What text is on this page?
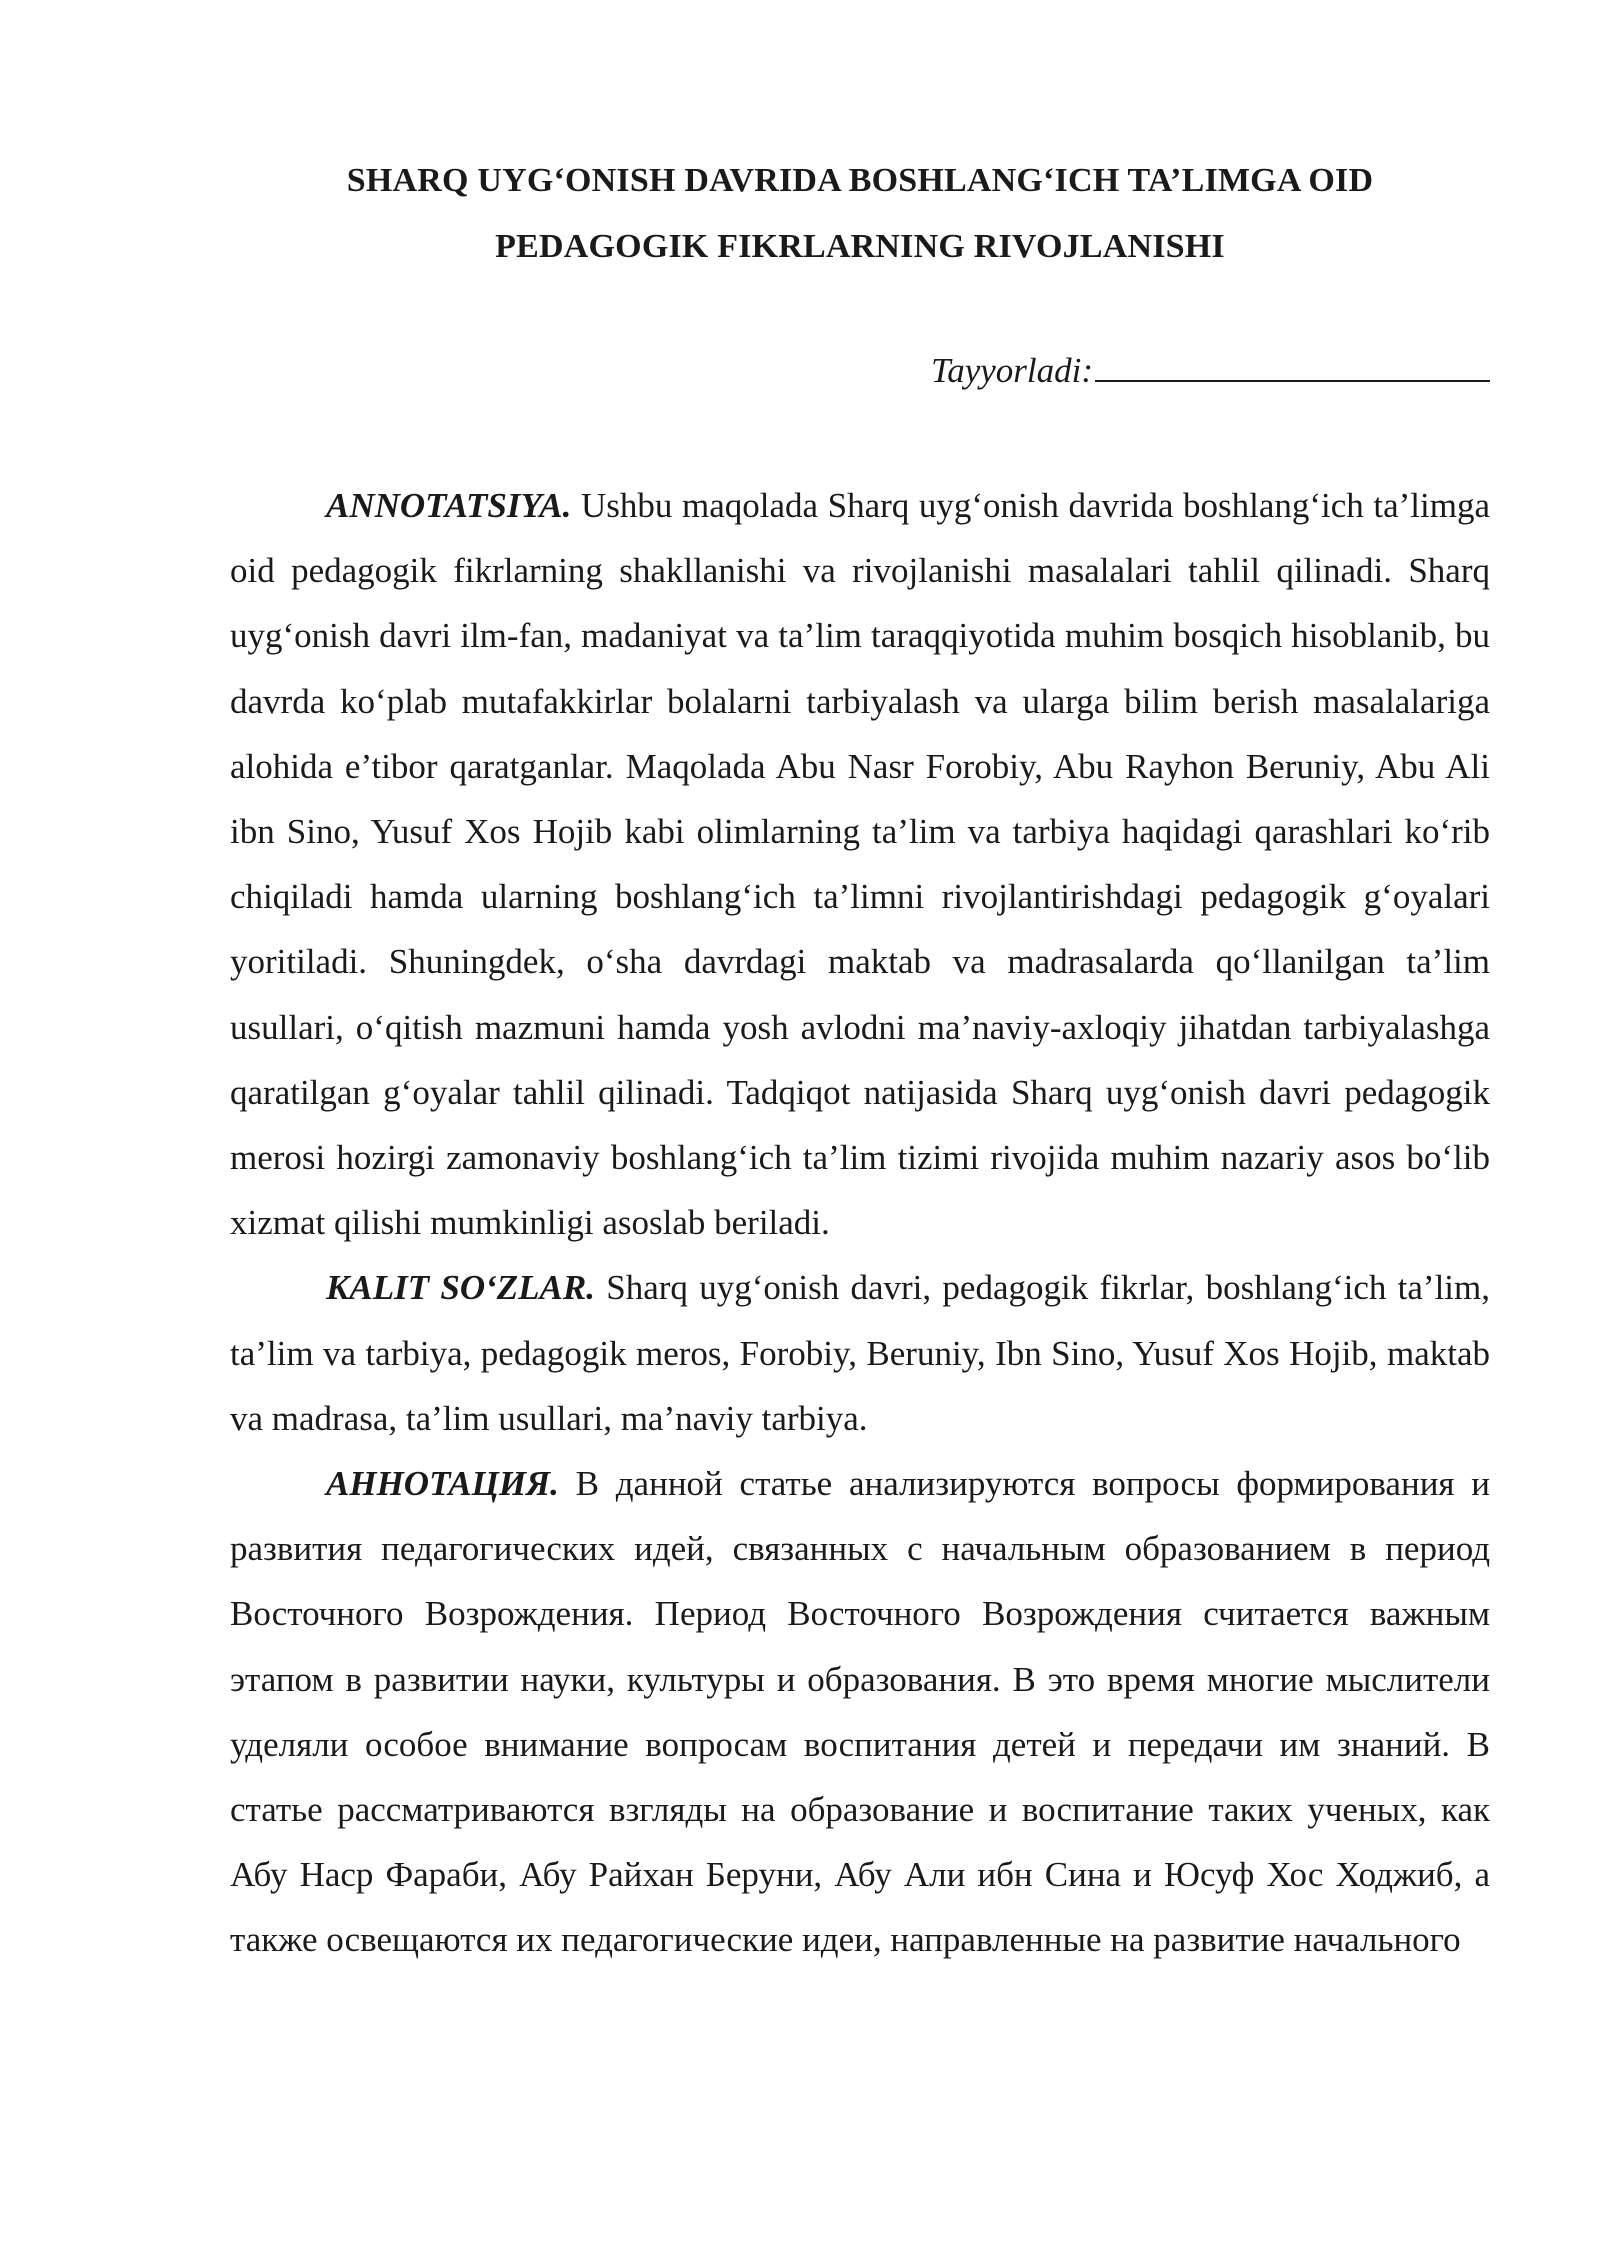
SHARQ UYG‘ONISH DAVRIDA BOSHLANG‘ICH TA’LIMGA OID
PEDAGOGIK FIKRLARNING RIVOJLANISHI
Tayyorladi:

ANNOTATSIYA. Ushbu maqolada Sharq uyg‘onish davrida boshlang‘ich ta’limga oid pedagogik fikrlarning shakllanishi va rivojlanishi masalalari tahlil qilinadi. Sharq uyg‘onish davri ilm-fan, madaniyat va ta’lim taraqqiyotida muhim bosqich hisoblanib, bu davrda ko‘plab mutafakkirlar bolalarni tarbiyalash va ularga bilim berish masalalariga alohida e’tibor qaratganlar. Maqolada Abu Nasr Forobiy, Abu Rayhon Beruniy, Abu Ali ibn Sino, Yusuf Xos Hojib kabi olimlarning ta’lim va tarbiya haqidagi qarashlari ko‘rib chiqiladi hamda ularning boshlang‘ich ta’limni rivojlantirishdagi pedagogik g‘oyalari yoritiladi. Shuningdek, o‘sha davrdagi maktab va madrasalarda qo‘llanilgan ta’lim usullari, o‘qitish mazmuni hamda yosh avlodni ma’naviy-axloqiy jihatdan tarbiyalashga qaratilgan g‘oyalar tahlil qilinadi. Tadqiqot natijasida Sharq uyg‘onish davri pedagogik merosi hozirgi zamonaviy boshlang‘ich ta’lim tizimi rivojida muhim nazariy asos bo‘lib xizmat qilishi mumkinligi asoslab beriladi.

KALIT SO‘ZLAR. Sharq uyg‘onish davri, pedagogik fikrlar, boshlang‘ich ta’lim, ta’lim va tarbiya, pedagogik meros, Forobiy, Beruniy, Ibn Sino, Yusuf Xos Hojib, maktab va madrasa, ta’lim usullari, ma’naviy tarbiya.

АННОТАЦИЯ. В данной статье анализируются вопросы формирования и развития педагогических идей, связанных с начальным образованием в период Восточного Возрождения. Период Восточного Возрождения считается важным этапом в развитии науки, культуры и образования. В это время многие мыслители уделяли особое внимание вопросам воспитания детей и передачи им знаний. В статье рассматриваются взгляды на образование и воспитание таких ученых, как Абу Наср Фараби, Абу Райхан Беруни, Абу Али ибн Сина и Юсуф Хос Ходжиб, а также освещаются их педагогические идеи, направленные на развитие начального
